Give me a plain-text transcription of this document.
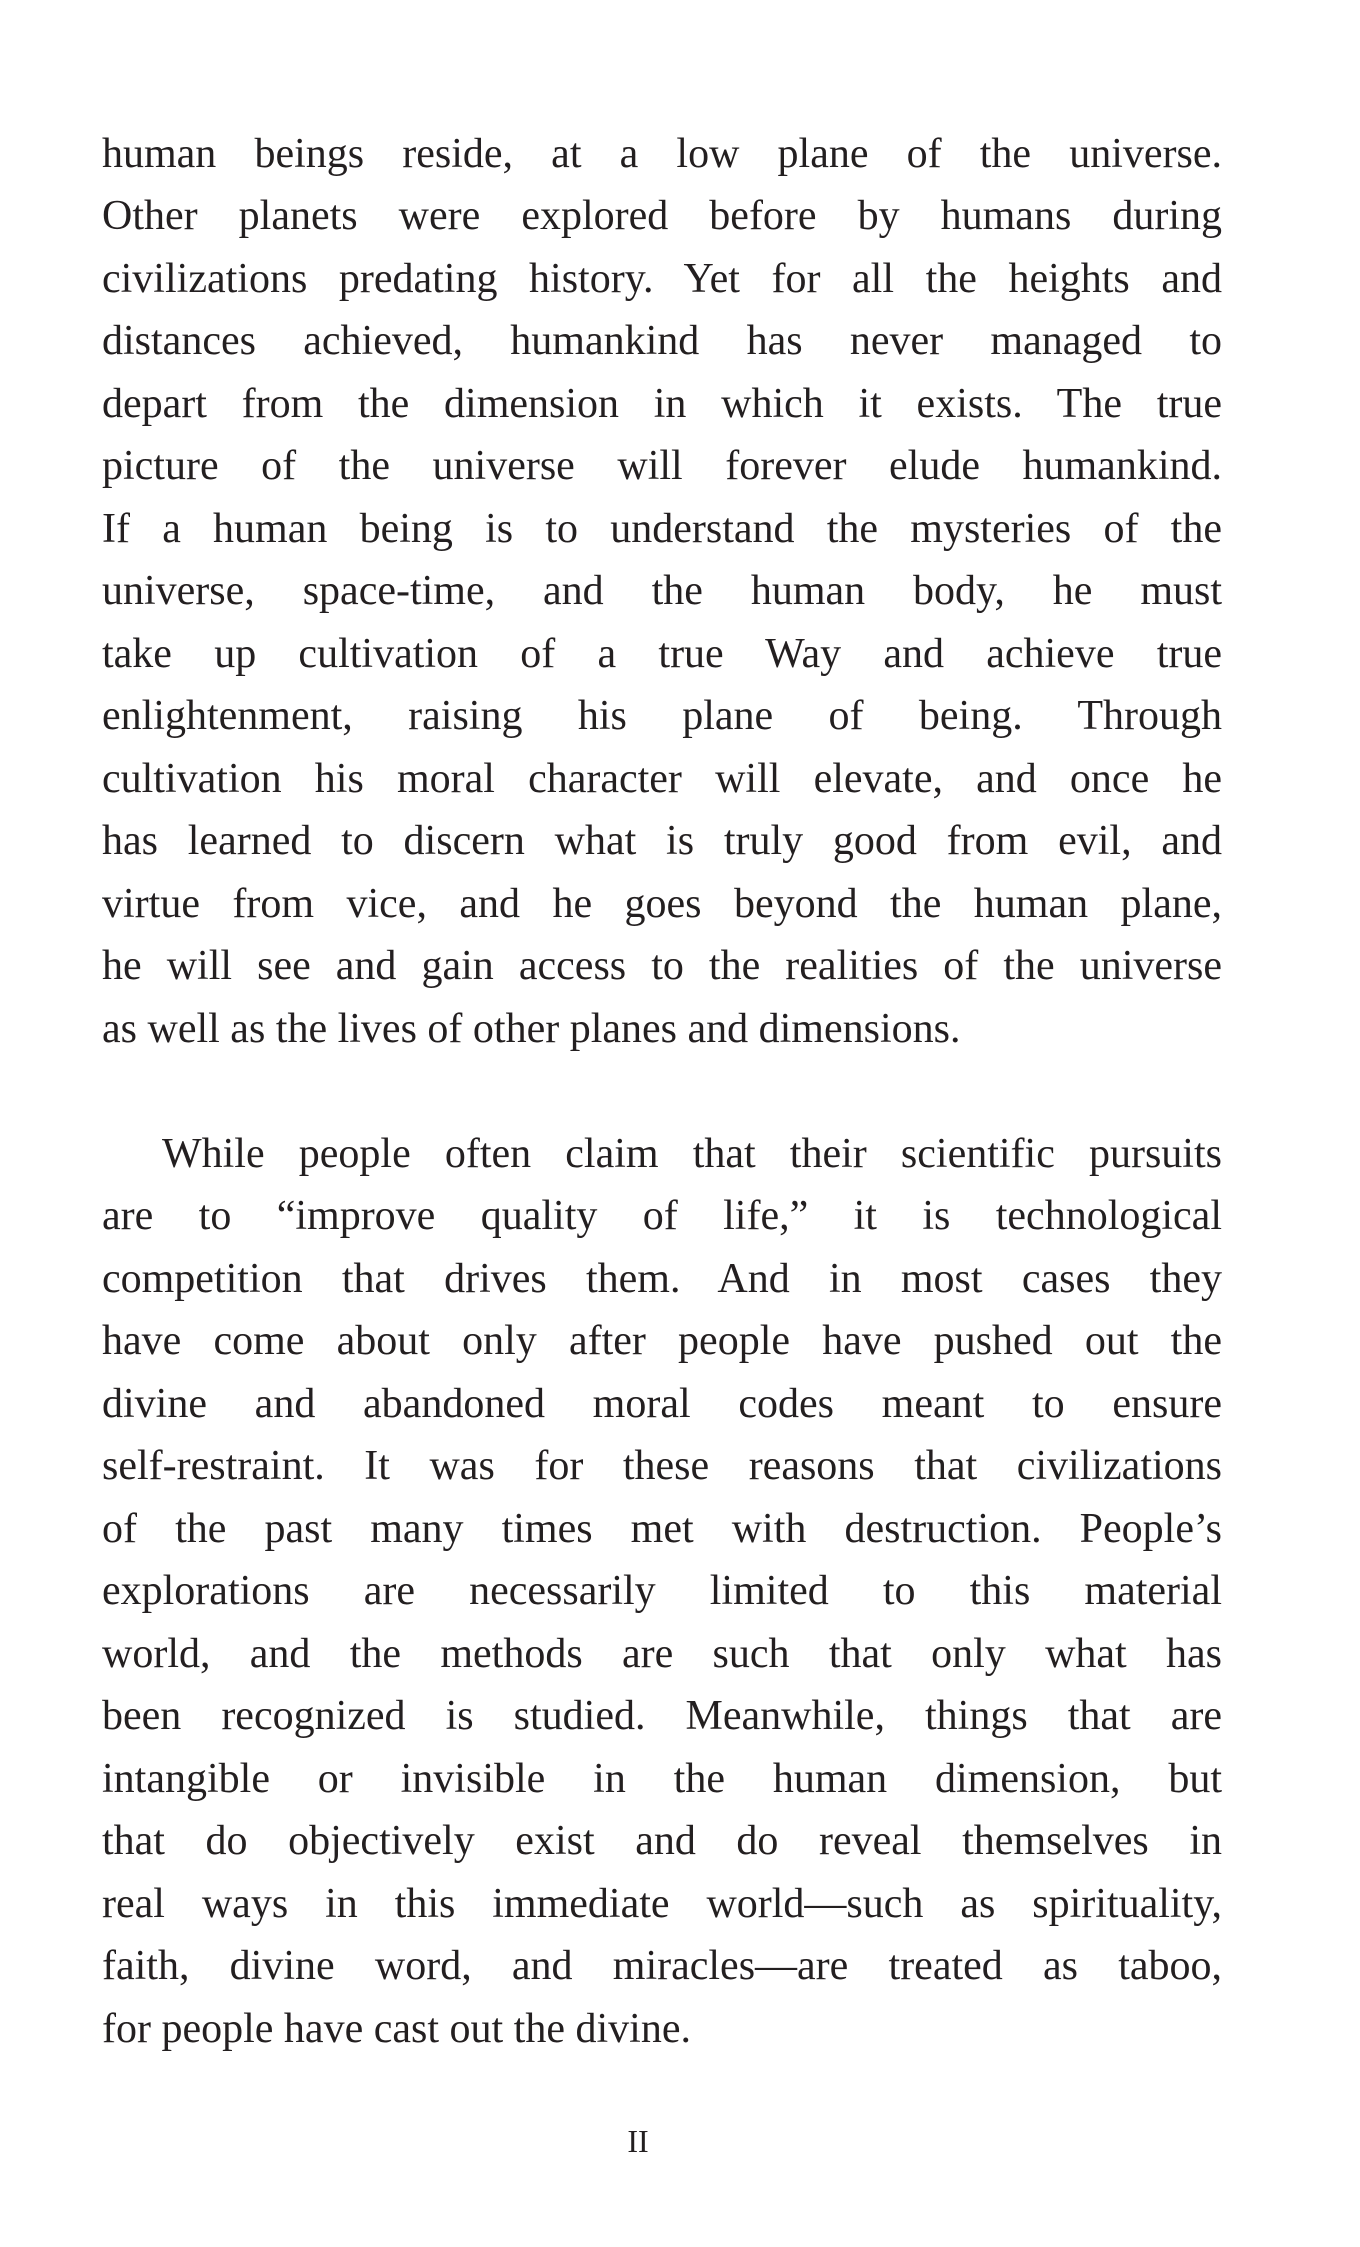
human beings reside, at a low plane of the universe.
Other planets were explored before by humans during
civilizations predating history. Yet for all the heights and
distances achieved, humankind has never managed to
depart from the dimension in which it exists. The true
picture of the universe will forever elude humankind.
If a human being is to understand the mysteries of the
universe, space-time, and the human body, he must
take up cultivation of a true Way and achieve true
enlightenment, raising his plane of being. Through
cultivation his moral character will elevate, and once he
has learned to discern what is truly good from evil, and
virtue from vice, and he goes beyond the human plane,
he will see and gain access to the realities of the universe
as well as the lives of other planes and dimensions.
While people often claim that their scientific pursuits
are to “improve quality of life,” it is technological
competition that drives them. And in most cases they
have come about only after people have pushed out the
divine and abandoned moral codes meant to ensure
self-restraint. It was for these reasons that civilizations
of the past many times met with destruction. People’s
explorations are necessarily limited to this material
world, and the methods are such that only what has
been recognized is studied. Meanwhile, things that are
intangible or invisible in the human dimension, but
that do objectively exist and do reveal themselves in
real ways in this immediate world—such as spirituality,
faith, divine word, and miracles—are treated as taboo,
for people have cast out the divine.
II
